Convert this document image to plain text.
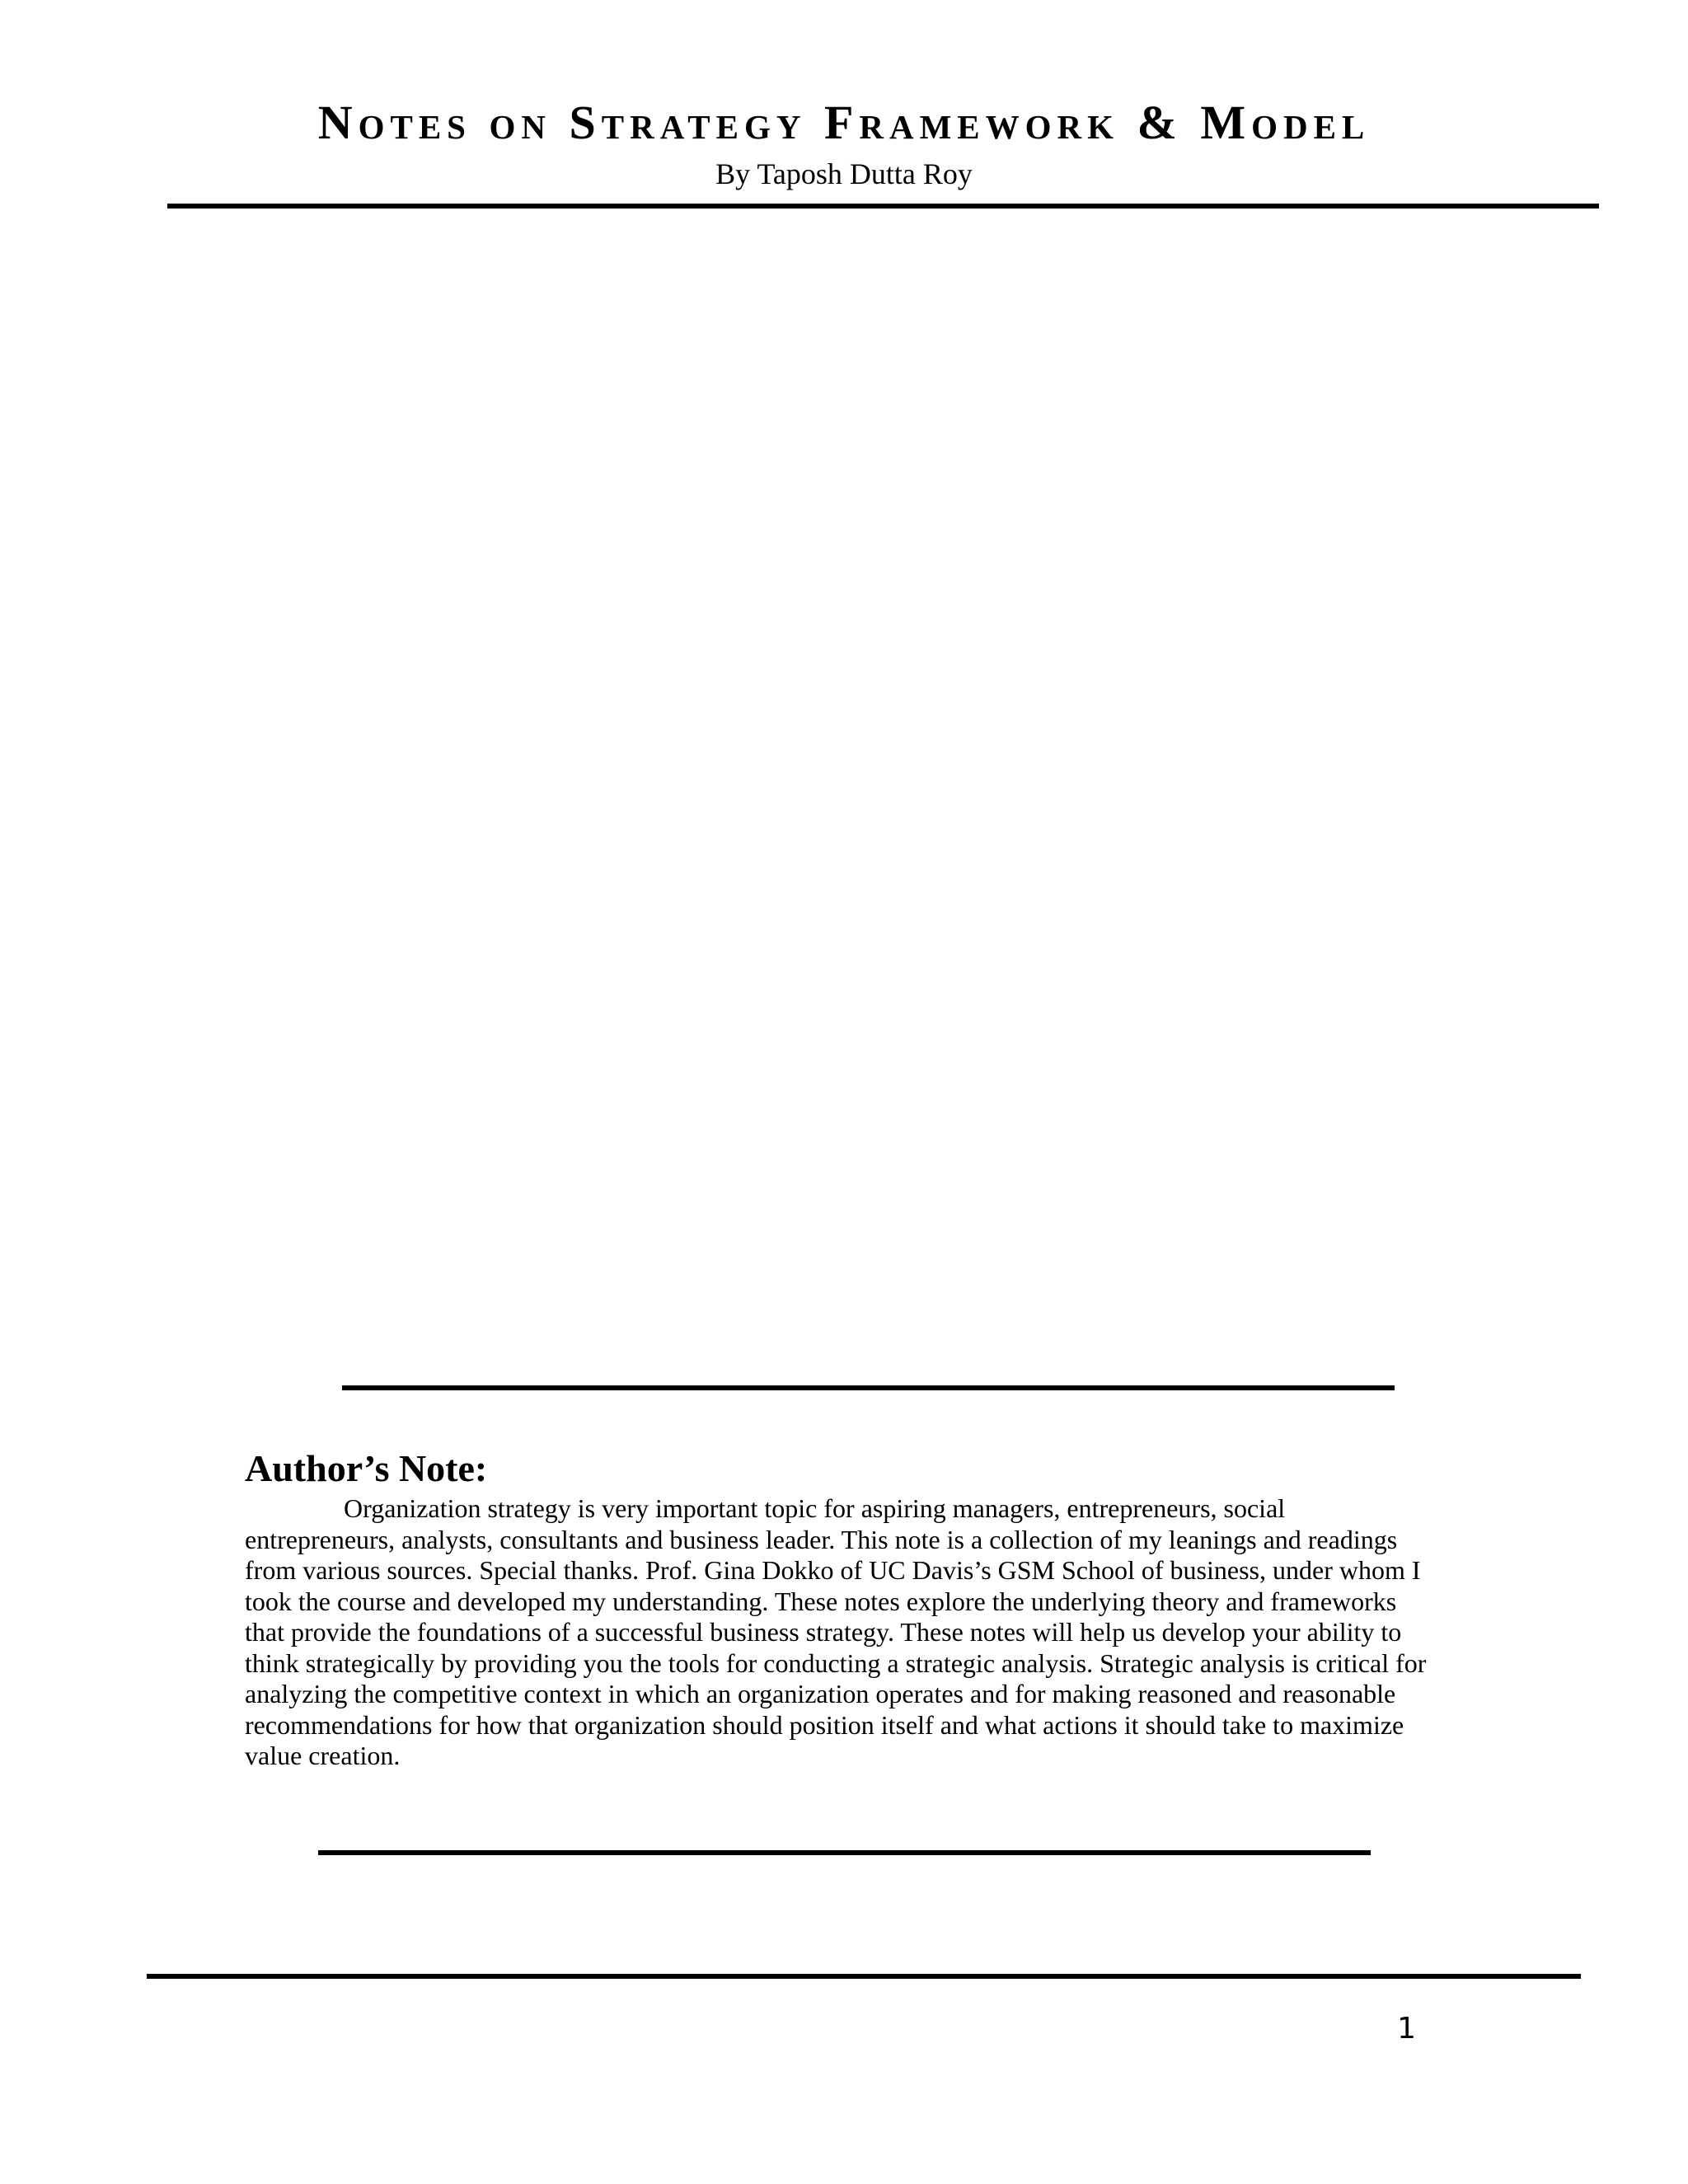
Notes on Strategy Framework & Model

By Taposh Dutta Roy

Author’s Note:

Organization strategy is very important topic for aspiring managers, entrepreneurs, social entrepreneurs, analysts, consultants and business leader. This note is a collection of my leanings and readings from various sources. Special thanks. Prof. Gina Dokko of UC Davis’s GSM School of business, under whom I took the course and developed my understanding. These notes explore the underlying theory and frameworks that provide the foundations of a successful business strategy. These notes will help us develop your ability to think strategically by providing you the tools for conducting a strategic analysis. Strategic analysis is critical for analyzing the competitive context in which an organization operates and for making reasoned and reasonable recommendations for how that organization should position itself and what actions it should take to maximize value creation.

1
